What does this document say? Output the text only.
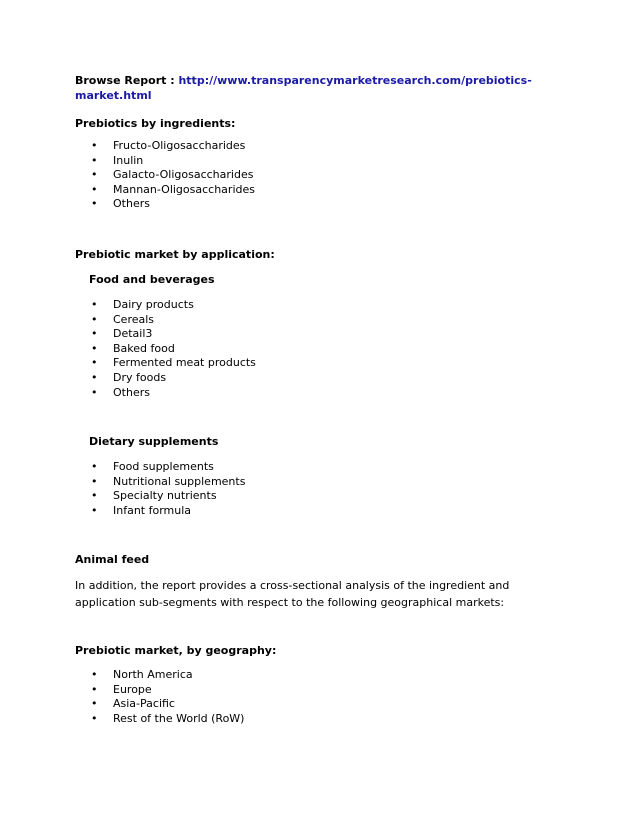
Browse Report : http://www.transparencymarketresearch.com/prebiotics-
market.html
Prebiotics by ingredients:
• Fructo-Oligosaccharides
• Inulin
• Galacto-Oligosaccharides
• Mannan-Oligosaccharides
• Others
Prebiotic market by application:
Food and beverages
• Dairy products
• Cereals
• Detail3
• Baked food
• Fermented meat products
• Dry foods
• Others
Dietary supplements
• Food supplements
• Nutritional supplements
• Specialty nutrients
• Infant formula
Animal feed
In addition, the report provides a cross-sectional analysis of the ingredient and application sub-segments with respect to the following geographical markets:
Prebiotic market, by geography:
• North America
• Europe
• Asia-Pacific
• Rest of the World (RoW)
